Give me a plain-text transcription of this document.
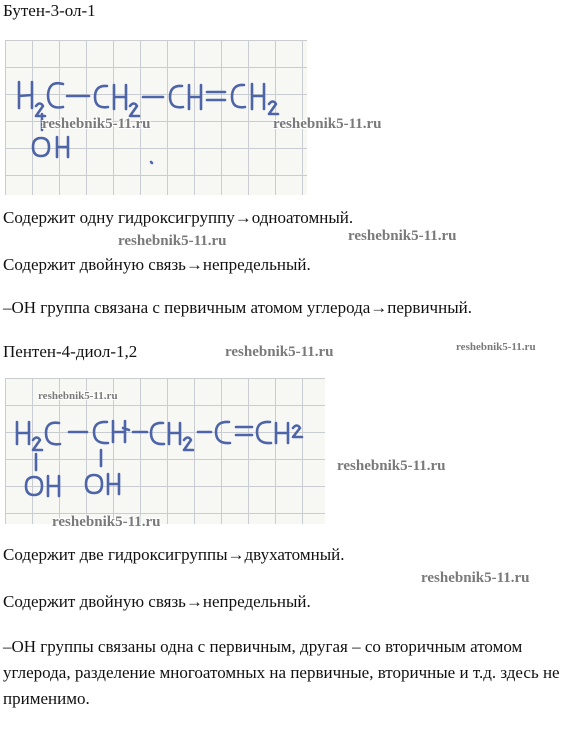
Бутен-3-ол-1
reshebnik5-11.ru	reshebnik5-11.ru
Содержит одну гидроксигруппу→одноатомный.
reshebnik5-11.ru	reshebnik5-11.ru
Содержит двойную связь→непредельный.
–ОН группа связана с первичным атомом углерода→первичный.
Пентен-4-диол-1,2	reshebnik5-11.ru	reshebnik5-11.ru
reshebnik5-11.ru
reshebnik5-11.ru
reshebnik5-11.ru
Содержит две гидроксигруппы→двухатомный.
reshebnik5-11.ru
Содержит двойную связь→непредельный.
–ОН группы связаны одна с первичным, другая – со вторичным атомом углерода, разделение многоатомных на первичные, вторичные и т.д. здесь не применимо.
